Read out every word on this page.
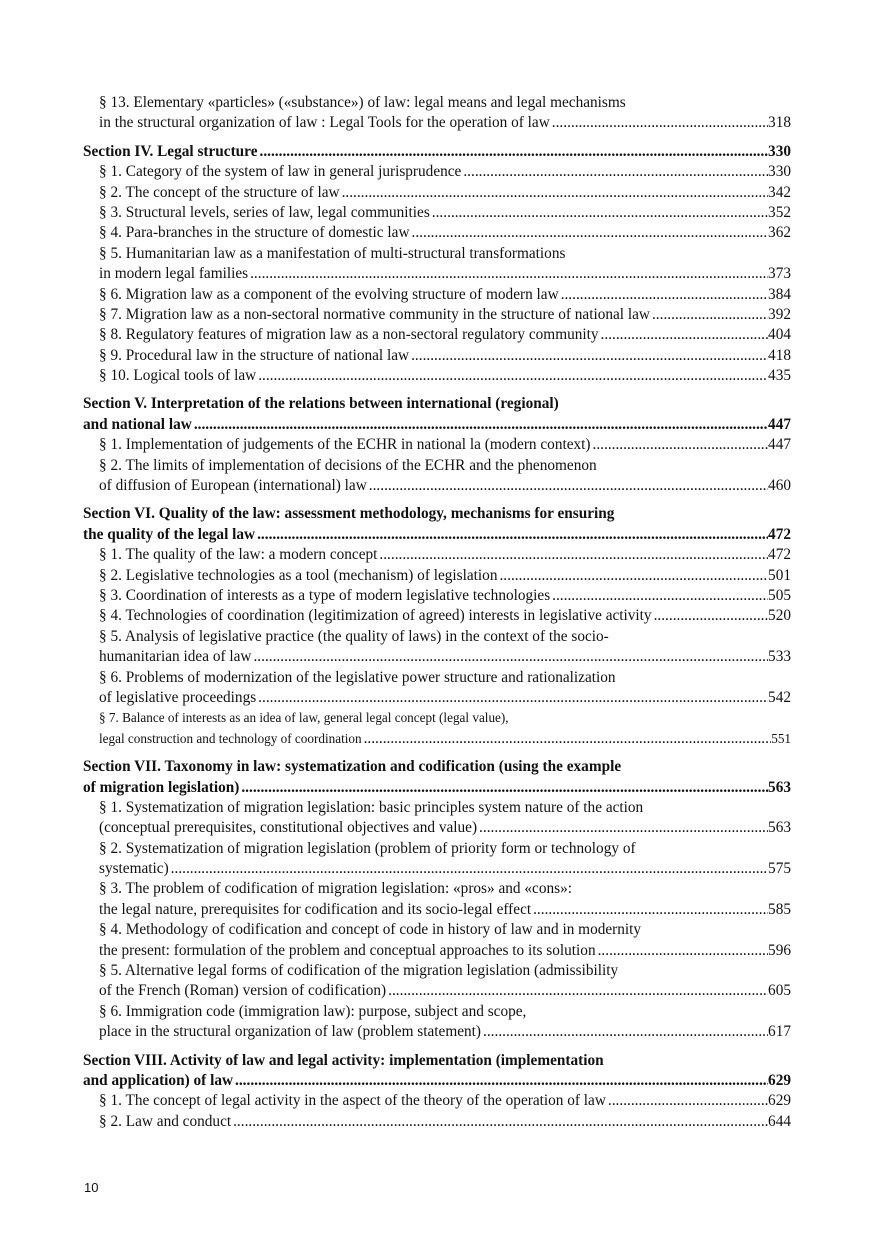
§ 13. Elementary «particles» («substance») of law: legal means and legal mechanisms
in the structural organization of law : Legal Tools for the operation of law .....	318
Section IV. Legal structure .....	330
§ 1. Category of the system of law in general jurisprudence .....	330
§ 2. The concept of the structure of law .....	342
§ 3. Structural levels, series of law, legal communities .....	352
§ 4. Para-branches in the structure of domestic law .....	362
§ 5. Humanitarian law as a manifestation of multi-structural transformations
in modern legal families .....	373
§ 6. Migration law as a component of the evolving structure of modern law .....	384
§ 7. Migration law as a non-sectoral normative community in the structure of national law .....	392
§ 8. Regulatory features of migration law as a non-sectoral regulatory community .....	404
§ 9. Procedural law in the structure of national law .....	418
§ 10. Logical tools of law .....	435
Section V. Interpretation of the relations between international (regional)
and national law .....	447
§ 1. Implementation of judgements of the ECHR in national la (modern context) .....	447
§ 2. The limits of implementation of decisions of the ECHR and the phenomenon
of diffusion of European (international) law .....	460
Section VI. Quality of the law: assessment methodology, mechanisms for ensuring
the quality of the legal law .....	472
§ 1. The quality of the law: a modern concept .....	472
§ 2. Legislative technologies as a tool (mechanism) of legislation .....	501
§ 3. Coordination of interests as a type of modern legislative technologies .....	505
§ 4. Technologies of coordination (legitimization of agreed) interests in legislative activity .....	520
§ 5. Analysis of legislative practice (the quality of laws) in the context of the socio-
humanitarian idea of law .....	533
§ 6. Problems of modernization of the legislative power structure and rationalization
of legislative proceedings .....	542
§ 7. Balance of interests as an idea of law, general legal concept (legal value),
legal construction and technology of coordination .....	551
Section VII. Taxonomy in law: systematization and codification (using the example
of migration legislation) .....	563
§ 1. Systematization of migration legislation: basic principles system nature of the action
(conceptual prerequisites, constitutional objectives and value) .....	563
§ 2. Systematization of migration legislation (problem of priority form or technology of
systematic) .....	575
§ 3. The problem of codification of migration legislation: «pros» and «cons»:
the legal nature, prerequisites for codification and its socio-legal effect .....	585
§ 4. Methodology of codification and concept of code in history of law and in modernity
the present: formulation of the problem and conceptual approaches to its solution .....	596
§ 5. Alternative legal forms of codification of the migration legislation (admissibility
of the French (Roman) version of codification) .....	605
§ 6. Immigration code (immigration law): purpose, subject and scope,
place in the structural organization of law (problem statement) .....	617
Section VIII. Activity of law and legal activity: implementation (implementation
and application) of law .....	629
§ 1. The concept of legal activity in the aspect of the theory of the operation of law .....	629
§ 2. Law and conduct .....	644
10
